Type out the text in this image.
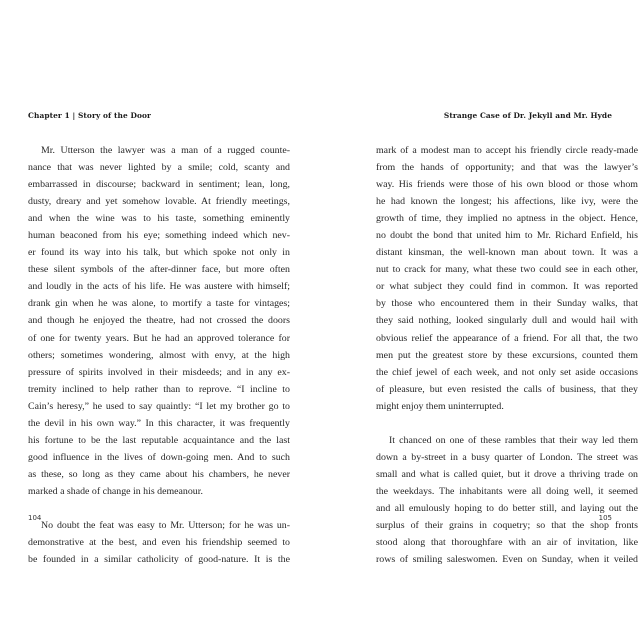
Chapter 1 | Story of the Door
Mr. Utterson the lawyer was a man of a rugged counte-
nance that was never lighted by a smile; cold, scanty and
embarrassed in discourse; backward in sentiment; lean, long,
dusty, dreary and yet somehow lovable. At friendly meetings,
and when the wine was to his taste, something eminently
human beaconed from his eye; something indeed which nev-
er found its way into his talk, but which spoke not only in
these silent symbols of the after-dinner face, but more often
and loudly in the acts of his life. He was austere with himself;
drank gin when he was alone, to mortify a taste for vintages;
and though he enjoyed the theatre, had not crossed the doors
of one for twenty years. But he had an approved tolerance for
others; sometimes wondering, almost with envy, at the high
pressure of spirits involved in their misdeeds; and in any ex-
tremity inclined to help rather than to reprove. “I incline to
Cain’s heresy,” he used to say quaintly: “I let my brother go to
the devil in his own way.” In this character, it was frequently
his fortune to be the last reputable acquaintance and the last
good influence in the lives of down-going men. And to such
as these, so long as they came about his chambers, he never
marked a shade of change in his demeanour.
No doubt the feat was easy to Mr. Utterson; for he was un-
demonstrative at the best, and even his friendship seemed to
be founded in a similar catholicity of good-nature. It is the
104
Strange Case of Dr. Jekyll and Mr. Hyde
mark of a modest man to accept his friendly circle ready-made
from the hands of opportunity; and that was the lawyer’s
way. His friends were those of his own blood or those whom
he had known the longest; his affections, like ivy, were the
growth of time, they implied no aptness in the object. Hence,
no doubt the bond that united him to Mr. Richard Enfield, his
distant kinsman, the well-known man about town. It was a
nut to crack for many, what these two could see in each other,
or what subject they could find in common. It was reported
by those who encountered them in their Sunday walks, that
they said nothing, looked singularly dull and would hail with
obvious relief the appearance of a friend. For all that, the two
men put the greatest store by these excursions, counted them
the chief jewel of each week, and not only set aside occasions
of pleasure, but even resisted the calls of business, that they
might enjoy them uninterrupted.
It chanced on one of these rambles that their way led them
down a by-street in a busy quarter of London. The street was
small and what is called quiet, but it drove a thriving trade on
the weekdays. The inhabitants were all doing well, it seemed
and all emulously hoping to do better still, and laying out the
surplus of their grains in coquetry; so that the shop fronts
stood along that thoroughfare with an air of invitation, like
rows of smiling saleswomen. Even on Sunday, when it veiled
105
